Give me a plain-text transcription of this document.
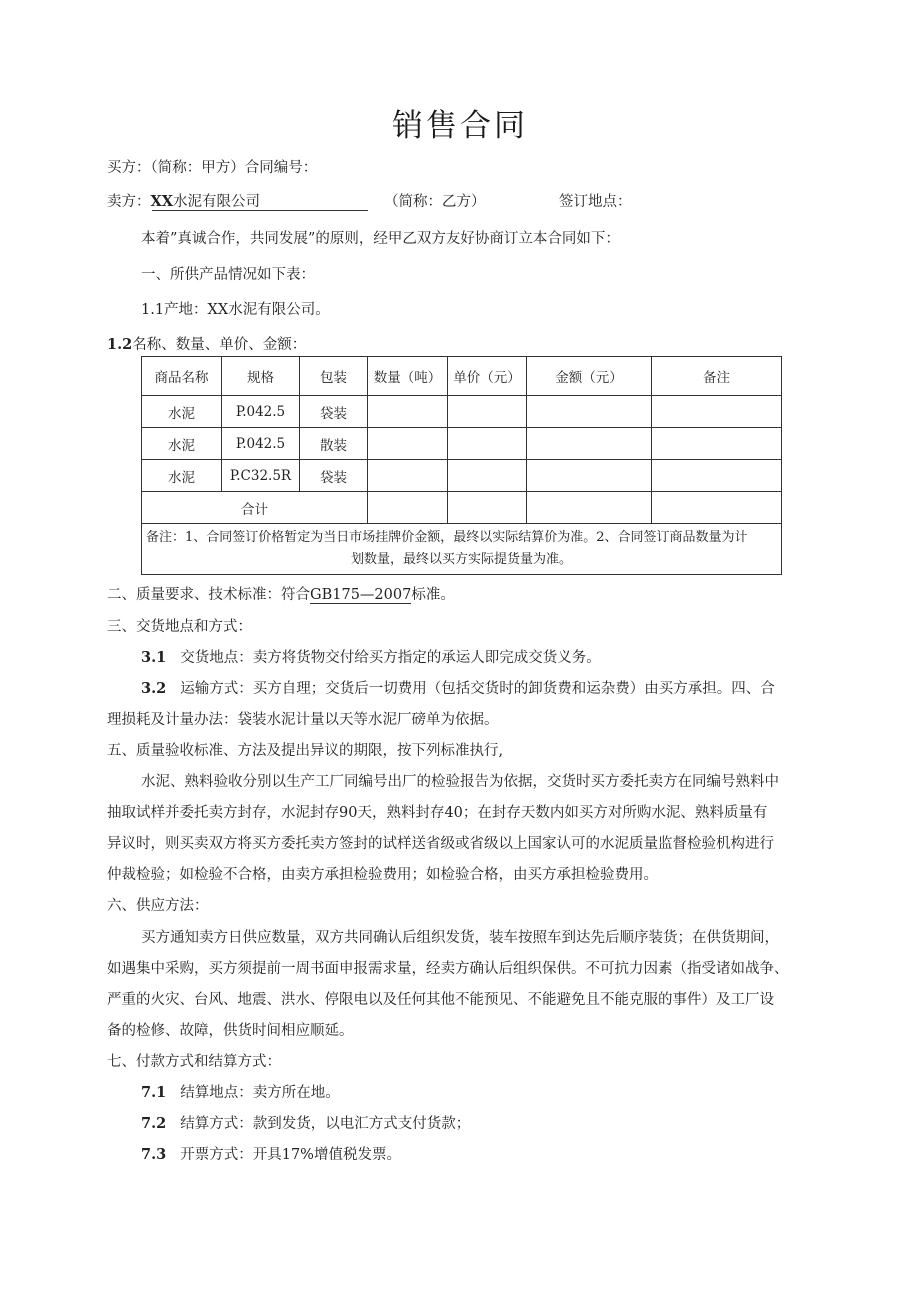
销售合同
买方：（简称：甲方）合同编号：
卖方：XX水泥有限公司	（简称：乙方）	签订地点：
本着”真诚合作，共同发展”的原则，经甲乙双方友好协商订立本合同如下：
一、所供产品情况如下表：
1.1产地：XX水泥有限公司。
1.2名称、数量、单价、金额：
商品名称	规格	包装	数量（吨）	单价（元）	金额（元）	备注
水泥	P.042.5	袋装				
水泥	P.042.5	散装				
水泥	P.C32.5R	袋装				
合计						

备注：1、合同签订价格暂定为当日市场挂牌价金额，最终以实际结算价为准。2、合同签订商品数量为计
划数量，最终以买方实际提货量为准。						
二、质量要求、技术标准：符合GB175—2007标准。
三、交货地点和方式：
3.1 交货地点：卖方将货物交付给买方指定的承运人即完成交货义务。
3.2 运输方式：买方自理；交货后一切费用（包括交货时的卸货费和运杂费）由买方承担。四、合
理损耗及计量办法：袋装水泥计量以天等水泥厂磅单为依据。
五、质量验收标准、方法及提出异议的期限，按下列标准执行,
水泥、熟料验收分别以生产工厂同编号出厂的检验报告为依据，交货时买方委托卖方在同编号熟料中
抽取试样并委托卖方封存，水泥封存90天，熟料封存40；在封存天数内如买方对所购水泥、熟料质量有
异议时，则买卖双方将买方委托卖方签封的试样送省级或省级以上国家认可的水泥质量监督检验机构进行
仲裁检验；如检验不合格，由卖方承担检验费用；如检验合格，由买方承担检验费用。
六、供应方法：
买方通知卖方日供应数量，双方共同确认后组织发货，装车按照车到达先后顺序装货；在供货期间，
如遇集中采购，买方须提前一周书面申报需求量，经卖方确认后组织保供。不可抗力因素（指受诸如战争、
严重的火灾、台风、地震、洪水、停限电以及任何其他不能预见、不能避免且不能克服的事件）及工厂设
备的检修、故障，供货时间相应顺延。
七、付款方式和结算方式：
7.1 结算地点：卖方所在地。
7.2 结算方式：款到发货，以电汇方式支付货款；
7.3 开票方式：开具17%增值税发票。
